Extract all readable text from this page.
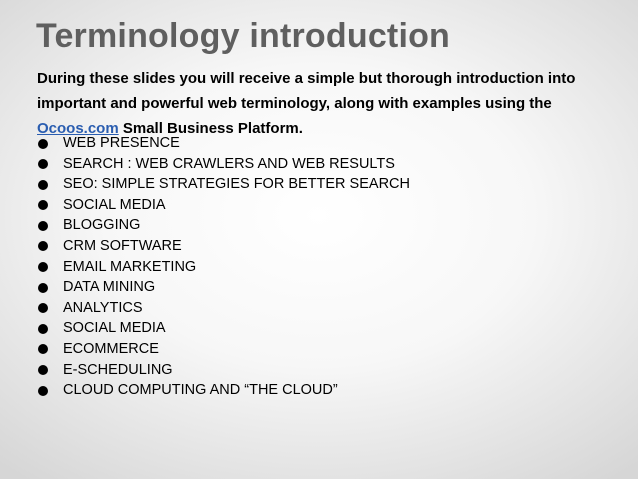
Terminology introduction

During these slides you will receive a simple but thorough introduction into important and powerful web terminology, along with examples using the Ocoos.com Small Business Platform.

WEB PRESENCE
SEARCH : WEB CRAWLERS AND WEB RESULTS
SEO: SIMPLE STRATEGIES FOR BETTER SEARCH
SOCIAL MEDIA
BLOGGING
CRM SOFTWARE
EMAIL MARKETING
DATA MINING
ANALYTICS
SOCIAL MEDIA
ECOMMERCE
E-SCHEDULING
CLOUD COMPUTING AND “THE CLOUD”
